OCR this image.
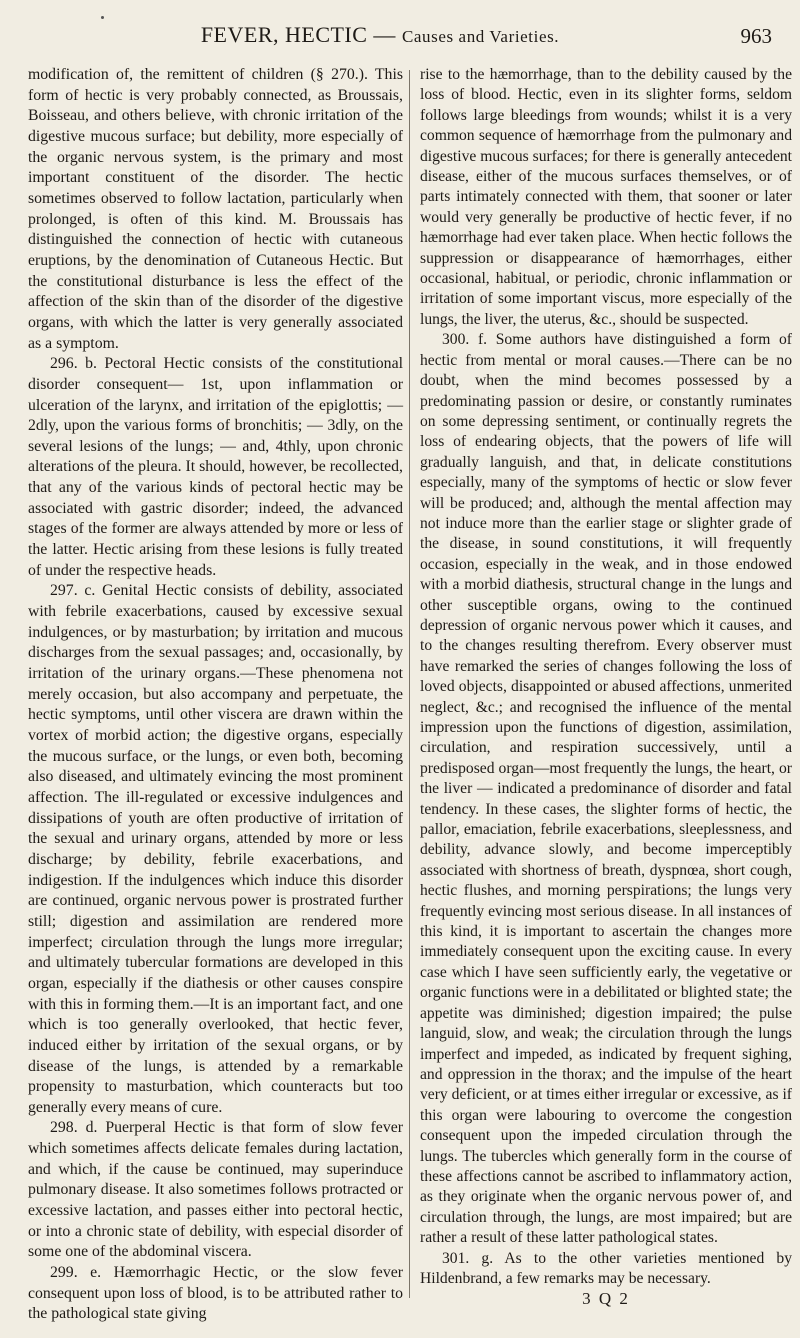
FEVER, HECTIC — Causes and Varieties.	963

modification of, the remittent of children (§ 270.). This form of hectic is very probably connected, as Broussais, Boisseau, and others believe, with chronic irritation of the digestive mucous surface; but debility, more especially of the organic nervous system, is the primary and most important constituent of the disorder. The hectic sometimes observed to follow lactation, particularly when prolonged, is often of this kind. M. Broussais has distinguished the connection of hectic with cutaneous eruptions, by the denomination of Cutaneous Hectic. But the constitutional disturbance is less the effect of the affection of the skin than of the disorder of the digestive organs, with which the latter is very generally associated as a symptom.

296. b. Pectoral Hectic consists of the constitutional disorder consequent— 1st, upon inflammation or ulceration of the larynx, and irritation of the epiglottis; — 2dly, upon the various forms of bronchitis; — 3dly, on the several lesions of the lungs; — and, 4thly, upon chronic alterations of the pleura. It should, however, be recollected, that any of the various kinds of pectoral hectic may be associated with gastric disorder; indeed, the advanced stages of the former are always attended by more or less of the latter. Hectic arising from these lesions is fully treated of under the respective heads.

297. c. Genital Hectic consists of debility, associated with febrile exacerbations, caused by excessive sexual indulgences, or by masturbation; by irritation and mucous discharges from the sexual passages; and, occasionally, by irritation of the urinary organs.—These phenomena not merely occasion, but also accompany and perpetuate, the hectic symptoms, until other viscera are drawn within the vortex of morbid action; the digestive organs, especially the mucous surface, or the lungs, or even both, becoming also diseased, and ultimately evincing the most prominent affection. The ill-regulated or excessive indulgences and dissipations of youth are often productive of irritation of the sexual and urinary organs, attended by more or less discharge; by debility, febrile exacerbations, and indigestion. If the indulgences which induce this disorder are continued, organic nervous power is prostrated further still; digestion and assimilation are rendered more imperfect; circulation through the lungs more irregular; and ultimately tubercular formations are developed in this organ, especially if the diathesis or other causes conspire with this in forming them.—It is an important fact, and one which is too generally overlooked, that hectic fever, induced either by irritation of the sexual organs, or by disease of the lungs, is attended by a remarkable propensity to masturbation, which counteracts but too generally every means of cure.

298. d. Puerperal Hectic is that form of slow fever which sometimes affects delicate females during lactation, and which, if the cause be continued, may superinduce pulmonary disease. It also sometimes follows protracted or excessive lactation, and passes either into pectoral hectic, or into a chronic state of debility, with especial disorder of some one of the abdominal viscera.

299. e. Hæmorrhagic Hectic, or the slow fever consequent upon loss of blood, is to be attributed rather to the pathological state giving

rise to the hæmorrhage, than to the debility caused by the loss of blood. Hectic, even in its slighter forms, seldom follows large bleedings from wounds; whilst it is a very common sequence of hæmorrhage from the pulmonary and digestive mucous surfaces; for there is generally antecedent disease, either of the mucous surfaces themselves, or of parts intimately connected with them, that sooner or later would very generally be productive of hectic fever, if no hæmorrhage had ever taken place. When hectic follows the suppression or disappearance of hæmorrhages, either occasional, habitual, or periodic, chronic inflammation or irritation of some important viscus, more especially of the lungs, the liver, the uterus, &c., should be suspected.

300. f. Some authors have distinguished a form of hectic from mental or moral causes.—There can be no doubt, when the mind becomes possessed by a predominating passion or desire, or constantly ruminates on some depressing sentiment, or continually regrets the loss of endearing objects, that the powers of life will gradually languish, and that, in delicate constitutions especially, many of the symptoms of hectic or slow fever will be produced; and, although the mental affection may not induce more than the earlier stage or slighter grade of the disease, in sound constitutions, it will frequently occasion, especially in the weak, and in those endowed with a morbid diathesis, structural change in the lungs and other susceptible organs, owing to the continued depression of organic nervous power which it causes, and to the changes resulting therefrom. Every observer must have remarked the series of changes following the loss of loved objects, disappointed or abused affections, unmerited neglect, &c.; and recognised the influence of the mental impression upon the functions of digestion, assimilation, circulation, and respiration successively, until a predisposed organ—most frequently the lungs, the heart, or the liver — indicated a predominance of disorder and fatal tendency. In these cases, the slighter forms of hectic, the pallor, emaciation, febrile exacerbations, sleeplessness, and debility, advance slowly, and become imperceptibly associated with shortness of breath, dyspnœa, short cough, hectic flushes, and morning perspirations; the lungs very frequently evincing most serious disease. In all instances of this kind, it is important to ascertain the changes more immediately consequent upon the exciting cause. In every case which I have seen sufficiently early, the vegetative or organic functions were in a debilitated or blighted state; the appetite was diminished; digestion impaired; the pulse languid, slow, and weak; the circulation through the lungs imperfect and impeded, as indicated by frequent sighing, and oppression in the thorax; and the impulse of the heart very deficient, or at times either irregular or excessive, as if this organ were labouring to overcome the congestion consequent upon the impeded circulation through the lungs. The tubercles which generally form in the course of these affections cannot be ascribed to inflammatory action, as they originate when the organic nervous power of, and circulation through, the lungs, are most impaired; but are rather a result of these latter pathological states.

301. g. As to the other varieties mentioned by Hildenbrand, a few remarks may be necessary.

3 Q 2
